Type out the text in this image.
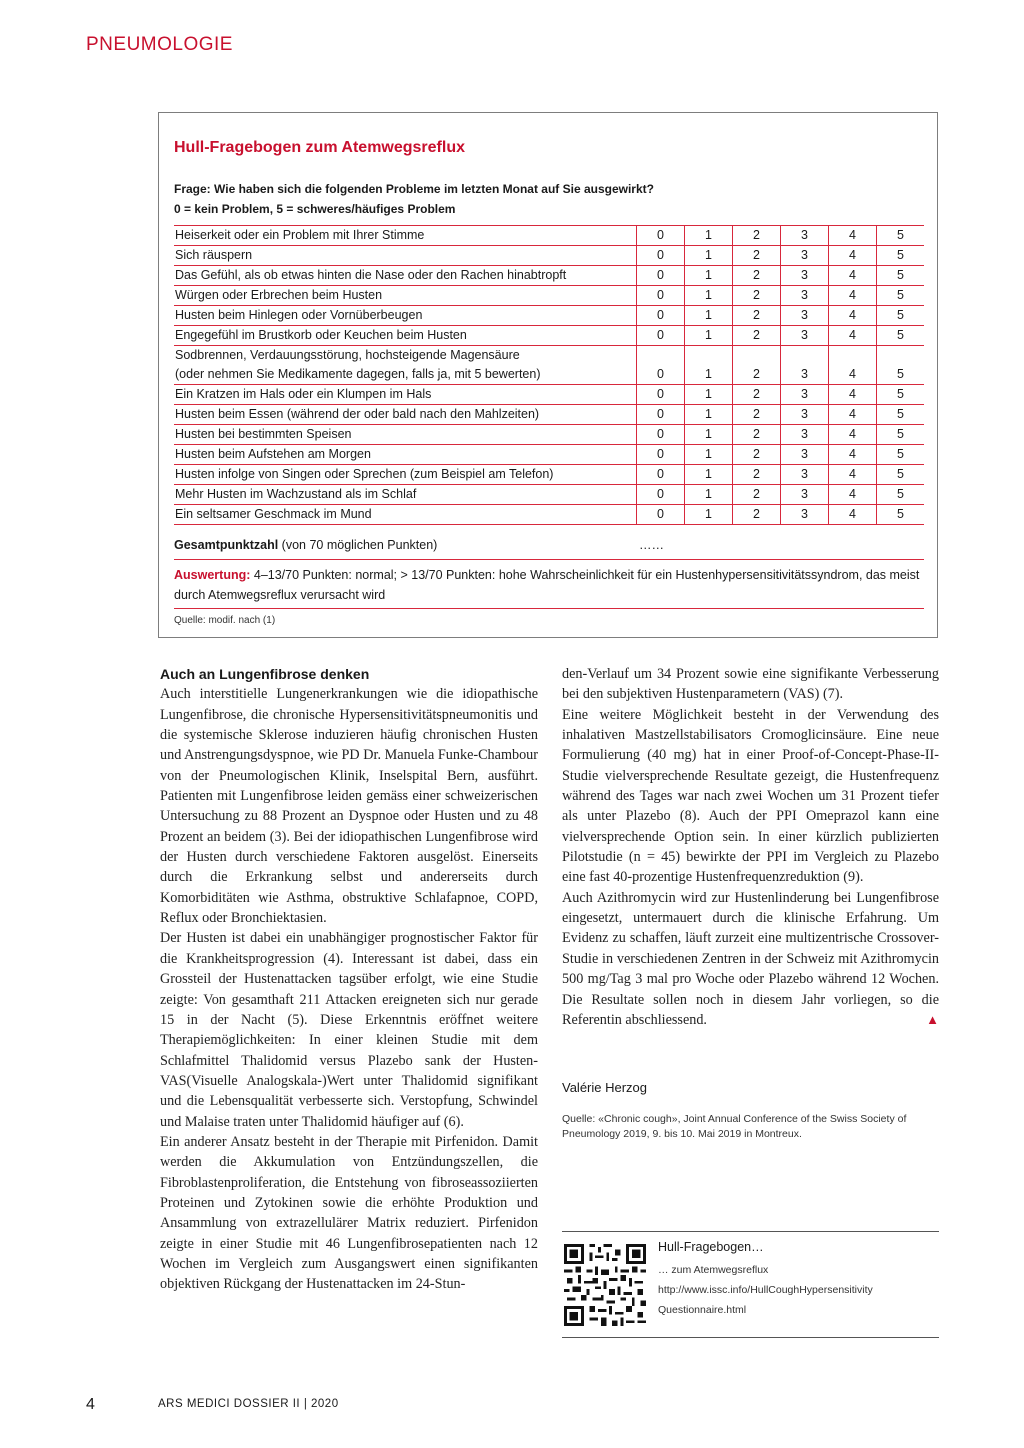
PNEUMOLOGIE
Hull-Fragebogen zum Atemwegsreflux
Frage: Wie haben sich die folgenden Probleme im letzten Monat auf Sie ausgewirkt?
0 = kein Problem, 5 = schweres/häufiges Problem
Heiserkeit oder ein Problem mit Ihrer Stimme	0	1	2	3	4	5
Sich räuspern	0	1	2	3	4	5
Das Gefühl, als ob etwas hinten die Nase oder den Rachen hinabtropft	0	1	2	3	4	5
Würgen oder Erbrechen beim Husten	0	1	2	3	4	5
Husten beim Hinlegen oder Vornüberbeugen	0	1	2	3	4	5
Engegefühl im Brustkorb oder Keuchen beim Husten	0	1	2	3	4	5
Sodbrennen, Verdauungsstörung, hochsteigende Magensäure						
(oder nehmen Sie Medikamente dagegen, falls ja, mit 5 bewerten)	0	1	2	3	4	5
Ein Kratzen im Hals oder ein Klumpen im Hals	0	1	2	3	4	5
Husten beim Essen (während der oder bald nach den Mahlzeiten)	0	1	2	3	4	5
Husten bei bestimmten Speisen	0	1	2	3	4	5
Husten beim Aufstehen am Morgen	0	1	2	3	4	5
Husten infolge von Singen oder Sprechen (zum Beispiel am Telefon)	0	1	2	3	4	5
Mehr Husten im Wachzustand als im Schlaf	0	1	2	3	4	5
Ein seltsamer Geschmack im Mund	0	1	2	3	4	5
Gesamtpunktzahl (von 70 möglichen Punkten)	……
Auswertung: 4–13/70 Punkten: normal; > 13/70 Punkten: hohe Wahrscheinlichkeit für ein Hustenhypersensitivitätssyndrom, das meist durch Atemwegsreflux verursacht wird
Quelle: modif. nach (1)

Auch an Lungenfibrose denken

Auch interstitielle Lungenerkrankungen wie die idiopathische Lungenfibrose, die chronische Hypersensitivitätspneumonitis und die systemische Sklerose induzieren häufig chronischen Husten und Anstrengungsdyspnoe, wie PD Dr. Manuela Funke-Chambour von der Pneumologischen Klinik, Inselspital Bern, ausführt. Patienten mit Lungenfibrose leiden gemäss einer schweizerischen Untersuchung zu 88 Prozent an Dyspnoe oder Husten und zu 48 Prozent an beidem (3). Bei der idiopathischen Lungenfibrose wird der Husten durch verschiedene Faktoren ausgelöst. Einerseits durch die Erkrankung selbst und andererseits durch Komorbiditäten wie Asthma, obstruktive Schlafapnoe, COPD, Reflux oder Bronchiektasien.

Der Husten ist dabei ein unabhängiger prognostischer Faktor für die Krankheitsprogression (4). Interessant ist dabei, dass ein Grossteil der Hustenattacken tagsüber erfolgt, wie eine Studie zeigte: Von gesamthaft 211 Attacken ereigneten sich nur gerade 15 in der Nacht (5). Diese Erkenntnis eröffnet weitere Therapiemöglichkeiten: In einer kleinen Studie mit dem Schlafmittel Thalidomid versus Plazebo sank der Husten-VAS(Visuelle Analogskala-)Wert unter Thalidomid signifikant und die Lebensqualität verbesserte sich. Verstopfung, Schwindel und Malaise traten unter Thalidomid häufiger auf (6).

Ein anderer Ansatz besteht in der Therapie mit Pirfenidon. Damit werden die Akkumulation von Entzündungszellen, die Fibroblastenproliferation, die Entstehung von fibroseassoziierten Proteinen und Zytokinen sowie die erhöhte Produktion und Ansammlung von extrazellulärer Matrix reduziert. Pirfenidon zeigte in einer Studie mit 46 Lungenfibrosepatienten nach 12 Wochen im Vergleich zum Ausgangswert einen signifikanten objektiven Rückgang der Hustenattacken im 24-Stun-

den-Verlauf um 34 Prozent sowie eine signifikante Verbesserung bei den subjektiven Hustenparametern (VAS) (7).

Eine weitere Möglichkeit besteht in der Verwendung des inhalativen Mastzellstabilisators Cromoglicinsäure. Eine neue Formulierung (40 mg) hat in einer Proof-of-Concept-Phase-II-Studie vielversprechende Resultate gezeigt, die Hustenfrequenz während des Tages war nach zwei Wochen um 31 Prozent tiefer als unter Plazebo (8). Auch der PPI Omeprazol kann eine vielversprechende Option sein. In einer kürzlich publizierten Pilotstudie (n = 45) bewirkte der PPI im Vergleich zu Plazebo eine fast 40-prozentige Hustenfrequenzreduktion (9).

Auch Azithromycin wird zur Hustenlinderung bei Lungenfibrose eingesetzt, untermauert durch die klinische Erfahrung. Um Evidenz zu schaffen, läuft zurzeit eine multizentrische Crossover-Studie in verschiedenen Zentren in der Schweiz mit Azithromycin 500 mg/Tag 3 mal pro Woche oder Plazebo während 12 Wochen. Die Resultate sollen noch in diesem Jahr vorliegen, so die Referentin abschliessend.	▲

Valérie Herzog
Quelle: «Chronic cough», Joint Annual Conference of the Swiss Society of Pneumology 2019, 9. bis 10. Mai 2019 in Montreux.
Hull-Fragebogen…
… zum Atemwegsreflux
http://www.issc.info/HullCoughHypersensitivity
Questionnaire.html
4	ARS MEDICI DOSSIER II | 2020
